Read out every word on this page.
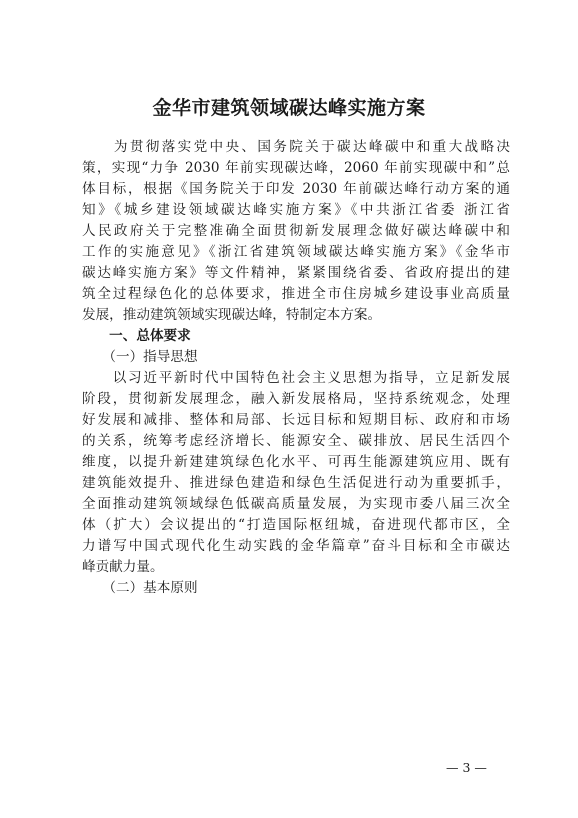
金华市建筑领域碳达峰实施方案
　　为贯彻落实党中央、国务院关于碳达峰碳中和重大战略决
策，实现“力争 2030 年前实现碳达峰，2060 年前实现碳中和”总
体目标，根据《国务院关于印发 2030 年前碳达峰行动方案的通
知》《城乡建设领域碳达峰实施方案》《中共浙江省委 浙江省
人民政府关于完整准确全面贯彻新发展理念做好碳达峰碳中和
工作的实施意见》《浙江省建筑领域碳达峰实施方案》《金华市
碳达峰实施方案》等文件精神，紧紧围绕省委、省政府提出的建
筑全过程绿色化的总体要求，推进全市住房城乡建设事业高质量
发展，推动建筑领域实现碳达峰，特制定本方案。
　　一、总体要求
　　（一）指导思想
　　以习近平新时代中国特色社会主义思想为指导，立足新发展
阶段，贯彻新发展理念，融入新发展格局，坚持系统观念，处理
好发展和减排、整体和局部、长远目标和短期目标、政府和市场
的关系，统筹考虑经济增长、能源安全、碳排放、居民生活四个
维度，以提升新建建筑绿色化水平、可再生能源建筑应用、既有
建筑能效提升、推进绿色建造和绿色生活促进行动为重要抓手，
全面推动建筑领域绿色低碳高质量发展，为实现市委八届三次全
体（扩大）会议提出的“打造国际枢纽城，奋进现代都市区，全
力谱写中国式现代化生动实践的金华篇章”奋斗目标和全市碳达
峰贡献力量。
　　（二）基本原则
— 3 —
